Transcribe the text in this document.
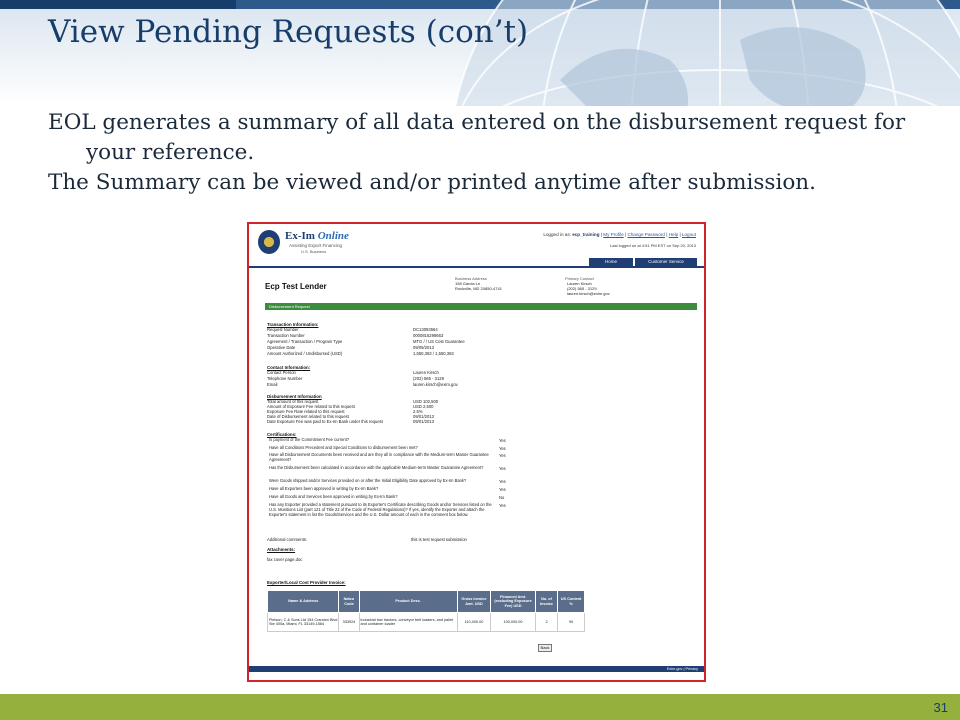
View Pending Requests (con’t)

EOL generates a summary of all data entered on the disbursement request for your reference.

The Summary can be viewed and/or printed anytime after submission.

Ex-Im Online
Assisting Export Financing
U.S. Business
Logged in as: ecp_training | My Profile | Change Password | Help | Logout
Last logged on at 4:51 PM EST on Sep 20, 2013
Home	Customer Service
Ecp Test Lender
Business Address
158 Garcia Ln
Rockville, MD 20850-4741
Primary Contact
Lauren Kirsch
(202) 565 - 3129
lauren.kirsch@exim.gov
Disbursement Request
Transaction Information:
Request Number	DC13093564
Transaction Number	0000816298663
Agreement / Transaction / Program Type	MTG / / US Cost Guarantee
Operative Date	09/09/2013
Amount Authorized / Undisbursed (USD)	1,550,363 / 1,550,363
Contact Information:
Contact Person	Lauren Kirsch
Telephone Number	(202) 565 - 3129
Email	lauren.kirsch@exim.gov
Disbursement Information
Total amount of this request	USD 102,500
Amount of Exposure Fee related to this request	USD 2,500
Exposure Fee Rate related to this request	2.5%
Date of Disbursement related to this request	09/01/2013
Date Exposure Fee was paid to Ex-Im Bank under this request	09/01/2013
Certifications:
Is payment of the Commitment Fee current?	Yes
Have all Conditions Precedent and Special Conditions to disbursement been met?	Yes
Have all Disbursement Documents been received and are they all in compliance with the Medium-term Master Guarantee Agreement?
Yes
Has the Disbursement been calculated in accordance with the applicable Medium-term Master Guarantee Agreement?	Yes
Were Goods shipped and/or Services provided on or after the Initial Eligibility Date approved by Ex-Im Bank?	Yes
Have all Exporters been approved in writing by Ex-Im Bank?	Yes
Have all Goods and Services been approved in writing by Ex-Im Bank?	No
Has any Exporter provided a statement pursuant to its Exporter's Certificate describing Goods and/or Services listed on the U.S. Munitions List (part 121 of Title 22 of the Code of Federal Regulations)? If yes, identify the Exporter and attach the Exporter's statement in list the Goods/Services and the U.S. Dollar amount of each in the comment box below.
Yes
Additional comments:	this is test request submission
Attachments:
fax cover page.doc
Exporter/Local Cost Provider Invoice:
Name & Address	Natco Code	Product Desc.	Gross Invoice Amt. USD	Financed Amt. (excluding Exposure Fee) USD	No. of Invoice	US Content %
Pielson, C & Sons Ltd 154 Crandon Blvd Ste 400a, Miami, FL 33149-1564	333924	industrial tow tractors, conveyor belt loaders, and pallet and container loader	110,000.00	100,000.00	2	90
Back
Exim.gov | Privacy
31
